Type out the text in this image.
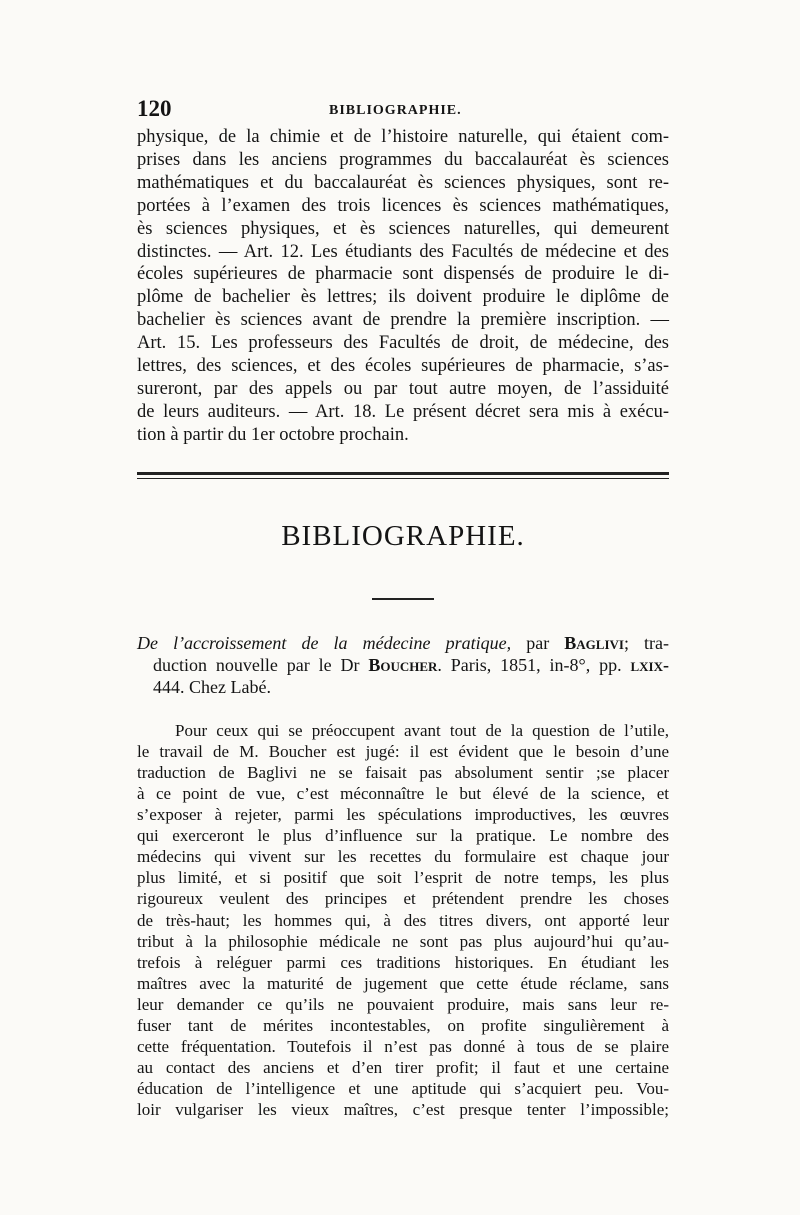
120	BIBLIOGRAPHIE.
physique, de la chimie et de l’histoire naturelle, qui étaient com-
prises dans les anciens programmes du baccalauréat ès sciences
mathématiques et du baccalauréat ès sciences physiques, sont re-
portées à l’examen des trois licences ès sciences mathématiques,
ès sciences physiques, et ès sciences naturelles, qui demeurent
distinctes. — Art. 12. Les étudiants des Facultés de médecine et des
écoles supérieures de pharmacie sont dispensés de produire le di-
plôme de bachelier ès lettres; ils doivent produire le diplôme de
bachelier ès sciences avant de prendre la première inscription. —
Art. 15. Les professeurs des Facultés de droit, de médecine, des
lettres, des sciences, et des écoles supérieures de pharmacie, s’as-
sureront, par des appels ou par tout autre moyen, de l’assiduité
de leurs auditeurs. — Art. 18. Le présent décret sera mis à exécu-
tion à partir du 1er octobre prochain.
BIBLIOGRAPHIE.
De l’accroissement de la médecine pratique, par Baglivi; tra-
duction nouvelle par le Dr Boucher. Paris, 1851, in-8°, pp. lxix-
444. Chez Labé.
Pour ceux qui se préoccupent avant tout de la question de l’utile,
le travail de M. Boucher est jugé: il est évident que le besoin d’une
traduction de Baglivi ne se faisait pas absolument sentir ;se placer
à ce point de vue, c’est méconnaître le but élevé de la science, et
s’exposer à rejeter, parmi les spéculations improductives, les œuvres
qui exerceront le plus d’influence sur la pratique. Le nombre des
médecins qui vivent sur les recettes du formulaire est chaque jour
plus limité, et si positif que soit l’esprit de notre temps, les plus
rigoureux veulent des principes et prétendent prendre les choses
de très-haut; les hommes qui, à des titres divers, ont apporté leur
tribut à la philosophie médicale ne sont pas plus aujourd’hui qu’au-
trefois à reléguer parmi ces traditions historiques. En étudiant les
maîtres avec la maturité de jugement que cette étude réclame, sans
leur demander ce qu’ils ne pouvaient produire, mais sans leur re-
fuser tant de mérites incontestables, on profite singulièrement à
cette fréquentation. Toutefois il n’est pas donné à tous de se plaire
au contact des anciens et d’en tirer profit; il faut et une certaine
éducation de l’intelligence et une aptitude qui s’acquiert peu. Vou-
loir vulgariser les vieux maîtres, c’est presque tenter l’impossible;
